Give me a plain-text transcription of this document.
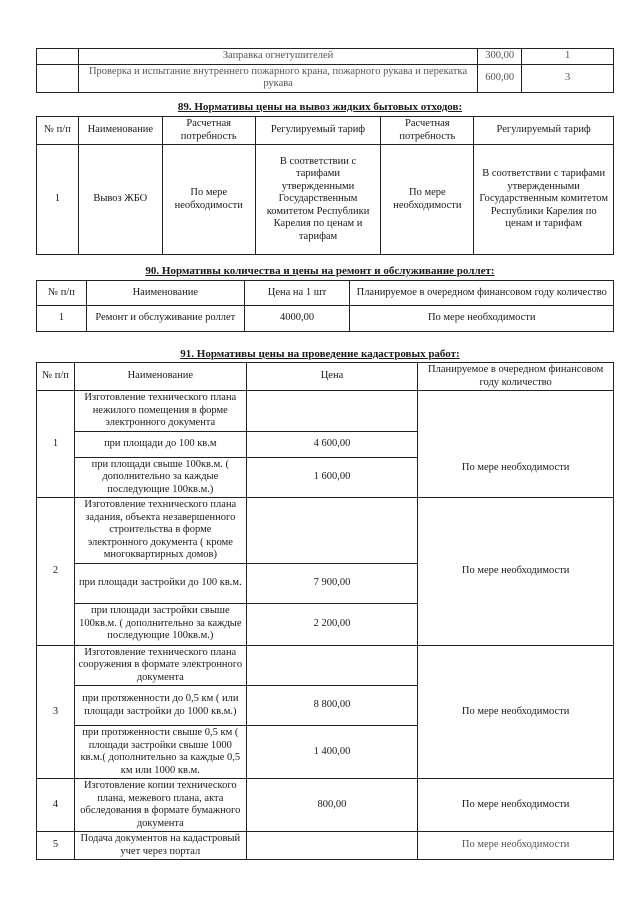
	Заправка огнетушителей	300,00	1
	Проверка и испытание внутреннего пожарного крана, пожарного рукава и перекатка рукава	600,00	3
89. Нормативы цены на вывоз жидких бытовых отходов:
№ п/п	Наименование	Расчетная потребность	Регулируемый тариф	Расчетная потребность	Регулируемый тариф
1	Вывоз ЖБО	По мере необходимости	В соответствии с тарифами утвержденными Государственным комитетом Республики Карелия по ценам и тарифам	По мере необходимости	В соответствии с тарифами утвержденными Государственным комитетом Республики Карелия по ценам и тарифам
90. Нормативы количества и цены на ремонт и обслуживание роллет:
№ п/п	Наименование	Цена на 1 шт	Планируемое в очередном финансовом году количество
1	Ремонт и обслуживание роллет	4000,00	По мере необходимости
91. Нормативы цены на проведение кадастровых работ:
№ п/п	Наименование	Цена	Планируемое в очередном финансовом году количество
1	Изготовление технического плана нежилого помещения в форме электронного документа		По мере необходимости
	при площади до 100 кв.м	4 600,00	
	при площади свыше 100кв.м. ( дополнительно за каждые последующие 100кв.м.)	1 600,00	
2	Изготовление технического плана задания, объекта незавершенного строительства в форме электронного документа ( кроме многоквартирных домов)		По мере необходимости
	при площади застройки до 100 кв.м.	7 900,00	
	при площади застройки свыше 100кв.м. ( дополнительно за каждые последующие 100кв.м.)	2 200,00	
3	Изготовление технического плана сооружения в формате электронного документа		По мере необходимости
	при протяженности до 0,5 км ( или площади застройки до 1000 кв.м.)	8 800,00	
	при протяженности свыше 0,5 км ( площади застройки свыше 1000 кв.м.( дополнительно за каждые 0,5 км или 1000 кв.м.	1 400,00	
4	Изготовление копии технического плана, межевого плана, акта обследования в формате бумажного документа	800,00	По мере необходимости
5	Подача документов на кадастровый учет через портал		По мере необходимости
